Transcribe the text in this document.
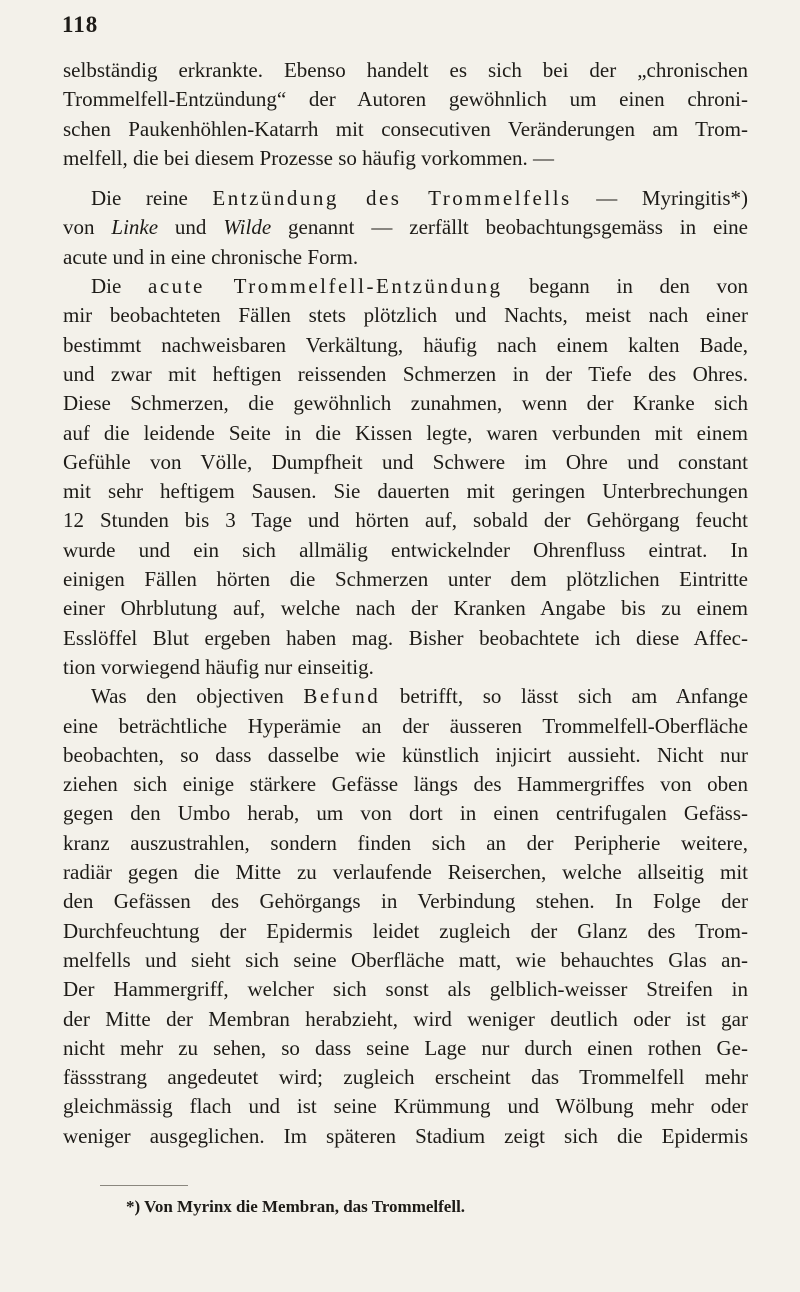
118
selbständig erkrankte. Ebenso handelt es sich bei der „chronischen
Trommelfell-Entzündung“ der Autoren gewöhnlich um einen chroni-
schen Paukenhöhlen-Katarrh mit consecutiven Veränderungen am Trom-
melfell, die bei diesem Prozesse so häufig vorkommen. —
Die reine Entzündung des Trommelfells — Myringitis*)
von Linke und Wilde genannt — zerfällt beobachtungsgemäss in eine
acute und in eine chronische Form.
Die acute Trommelfell-Entzündung begann in den von
mir beobachteten Fällen stets plötzlich und Nachts, meist nach einer
bestimmt nachweisbaren Verkältung, häufig nach einem kalten Bade,
und zwar mit heftigen reissenden Schmerzen in der Tiefe des Ohres.
Diese Schmerzen, die gewöhnlich zunahmen, wenn der Kranke sich
auf die leidende Seite in die Kissen legte, waren verbunden mit einem
Gefühle von Völle, Dumpfheit und Schwere im Ohre und constant
mit sehr heftigem Sausen. Sie dauerten mit geringen Unterbrechungen
12 Stunden bis 3 Tage und hörten auf, sobald der Gehörgang feucht
wurde und ein sich allmälig entwickelnder Ohrenfluss eintrat. In
einigen Fällen hörten die Schmerzen unter dem plötzlichen Eintritte
einer Ohrblutung auf, welche nach der Kranken Angabe bis zu einem
Esslöffel Blut ergeben haben mag. Bisher beobachtete ich diese Affec-
tion vorwiegend häufig nur einseitig.
Was den objectiven Befund betrifft, so lässt sich am Anfange
eine beträchtliche Hyperämie an der äusseren Trommelfell-Oberfläche
beobachten, so dass dasselbe wie künstlich injicirt aussieht. Nicht nur
ziehen sich einige stärkere Gefässe längs des Hammergriffes von oben
gegen den Umbo herab, um von dort in einen centrifugalen Gefäss-
kranz auszustrahlen, sondern finden sich an der Peripherie weitere,
radiär gegen die Mitte zu verlaufende Reiserchen, welche allseitig mit
den Gefässen des Gehörgangs in Verbindung stehen. In Folge der
Durchfeuchtung der Epidermis leidet zugleich der Glanz des Trom-
melfells und sieht sich seine Oberfläche matt, wie behauchtes Glas an-
Der Hammergriff, welcher sich sonst als gelblich-weisser Streifen in
der Mitte der Membran herabzieht, wird weniger deutlich oder ist gar
nicht mehr zu sehen, so dass seine Lage nur durch einen rothen Ge-
fässstrang angedeutet wird; zugleich erscheint das Trommelfell mehr
gleichmässig flach und ist seine Krümmung und Wölbung mehr oder
weniger ausgeglichen. Im späteren Stadium zeigt sich die Epidermis
*) Von Myrinx die Membran, das Trommelfell.
